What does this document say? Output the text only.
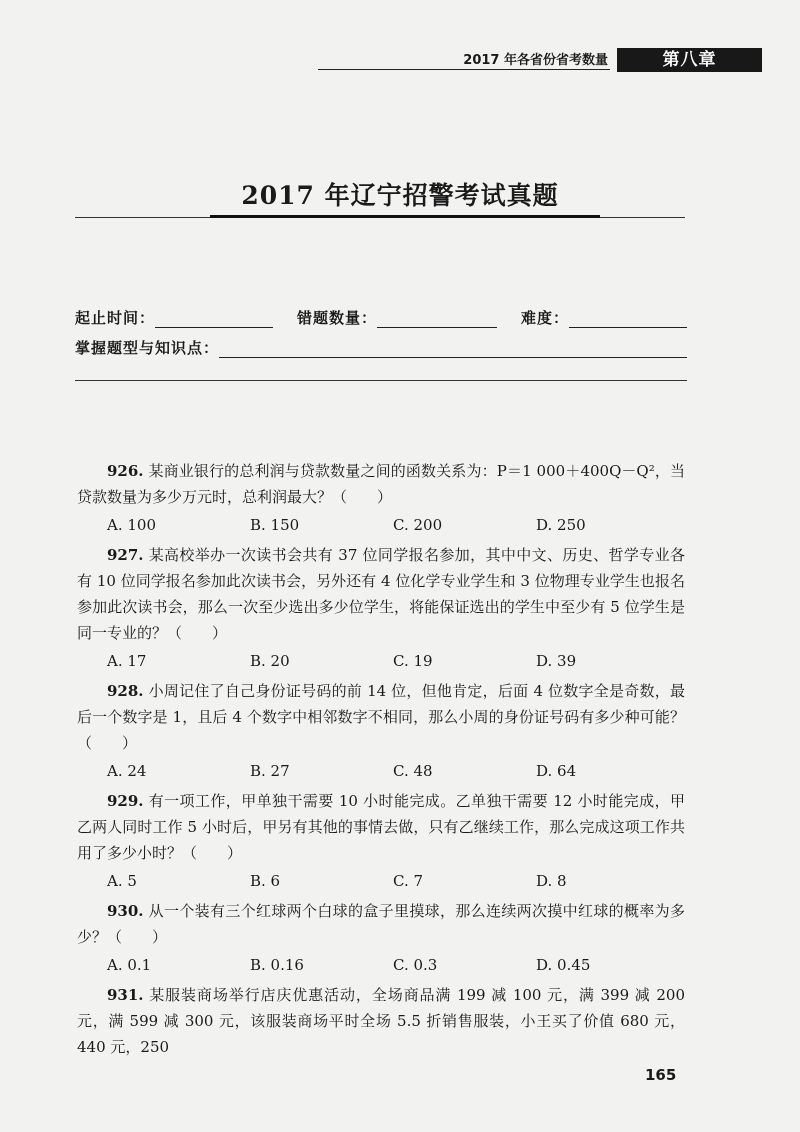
2017 年各省份省考数量	第八章
2017 年辽宁招警考试真题
起止时间：	错题数量：	难度：
掌握题型与知识点：
926. 某商业银行的总利润与贷款数量之间的函数关系为：P＝1 000＋400Q－Q²，当贷款数量为多少万元时，总利润最大？（　　）
A. 100	B. 150	C. 200	D. 250
927. 某高校举办一次读书会共有 37 位同学报名参加，其中中文、历史、哲学专业各有 10 位同学报名参加此次读书会，另外还有 4 位化学专业学生和 3 位物理专业学生也报名参加此次读书会，那么一次至少选出多少位学生，将能保证选出的学生中至少有 5 位学生是同一专业的？（　　）
A. 17	B. 20	C. 19	D. 39
928. 小周记住了自己身份证号码的前 14 位，但他肯定，后面 4 位数字全是奇数，最后一个数字是 1，且后 4 个数字中相邻数字不相同，那么小周的身份证号码有多少种可能？（　　）
A. 24	B. 27	C. 48	D. 64
929. 有一项工作，甲单独干需要 10 小时能完成。乙单独干需要 12 小时能完成，甲乙两人同时工作 5 小时后，甲另有其他的事情去做，只有乙继续工作，那么完成这项工作共用了多少小时？（　　）
A. 5	B. 6	C. 7	D. 8
930. 从一个装有三个红球两个白球的盒子里摸球，那么连续两次摸中红球的概率为多少？（　　）
A. 0.1	B. 0.16	C. 0.3	D. 0.45
931. 某服装商场举行店庆优惠活动，全场商品满 199 减 100 元，满 399 减 200 元，满 599 减 300 元，该服装商场平时全场 5.5 折销售服装，小王买了价值 680 元，440 元，250
165
